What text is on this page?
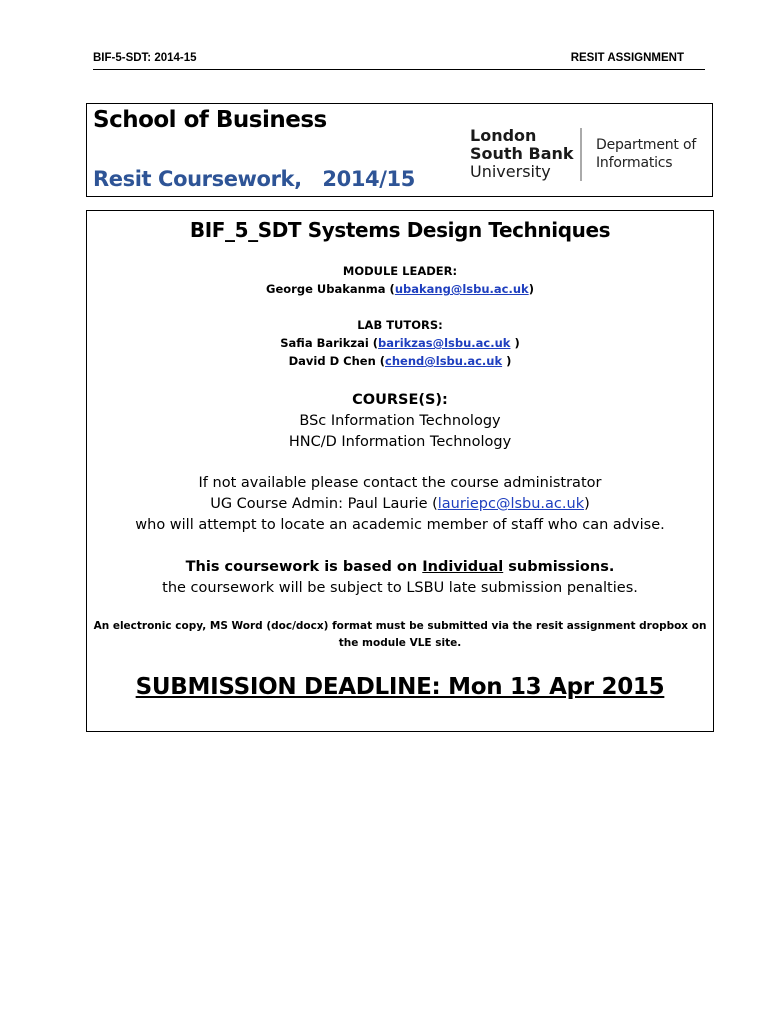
BIF-5-SDT: 2014-15	RESIT ASSIGNMENT
School of Business
Resit Coursework,   2014/15
London
South Bank
University
Department of
Informatics
BIF_5_SDT Systems Design Techniques
MODULE LEADER:
George Ubakanma (ubakang@lsbu.ac.uk)
LAB TUTORS:
Safia Barikzai (barikzas@lsbu.ac.uk )
David D Chen (chend@lsbu.ac.uk )
COURSE(S):
BSc Information Technology
HNC/D Information Technology
If not available please contact the course administrator
UG Course Admin: Paul Laurie (lauriepc@lsbu.ac.uk)
who will attempt to locate an academic member of staff who can advise.
This coursework is based on Individual submissions.
the coursework will be subject to LSBU late submission penalties.
An electronic copy, MS Word (doc/docx) format must be submitted via the resit assignment dropbox on
the module VLE site.
SUBMISSION DEADLINE: Mon 13 Apr 2015
